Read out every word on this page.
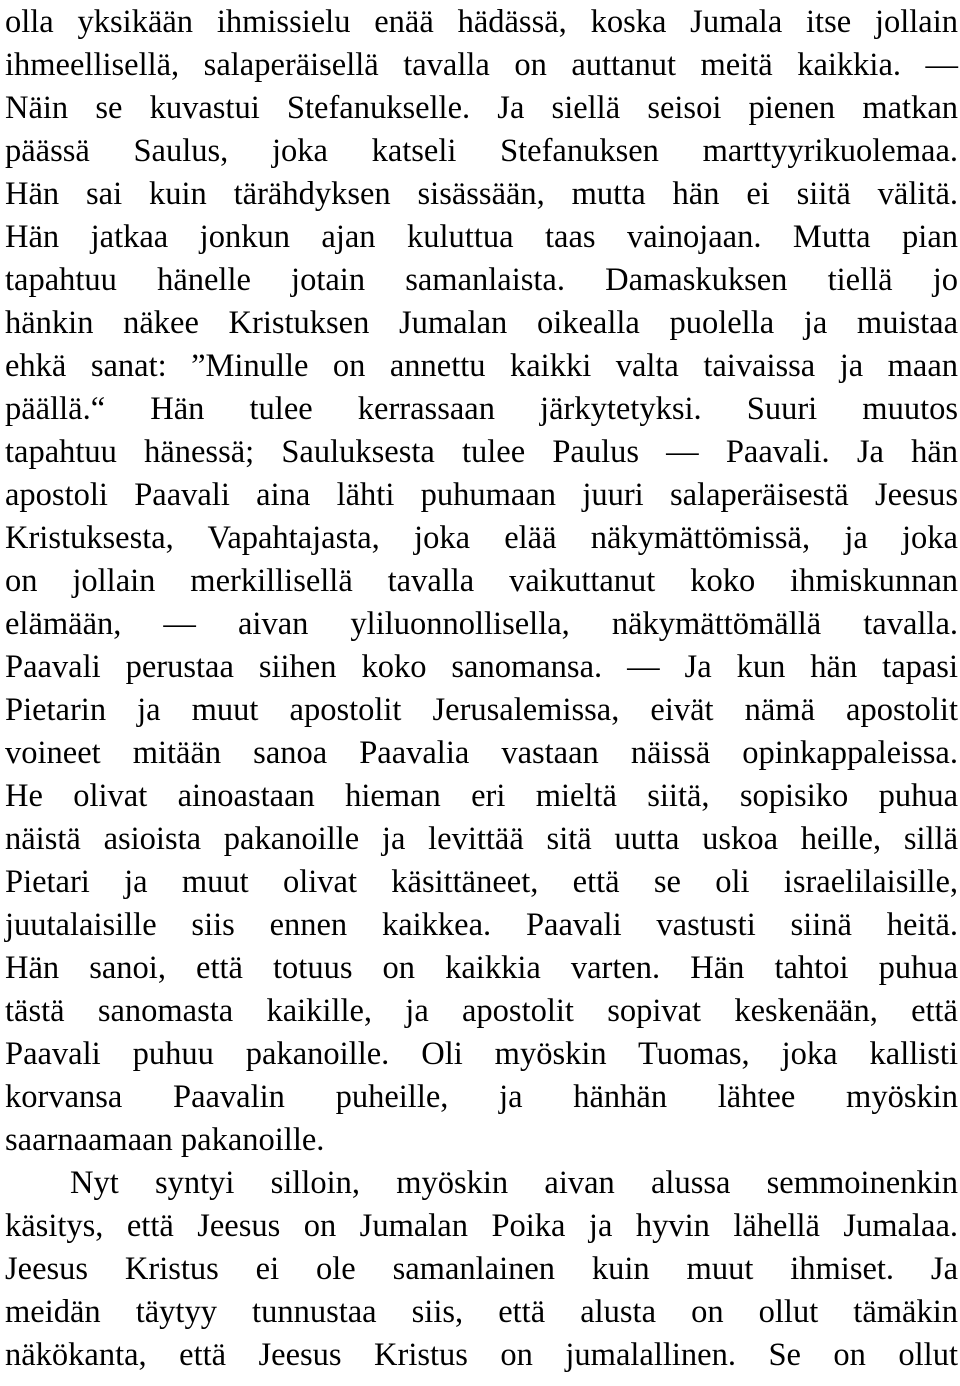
olla yksikään ihmissielu enää hädässä, koska Jumala itse jollain
ihmeellisellä, salaperäisellä tavalla on auttanut meitä kaikkia. —
Näin se kuvastui Stefanukselle. Ja siellä seisoi pienen matkan
päässä Saulus, joka katseli Stefanuksen marttyyrikuolemaa.
Hän sai kuin tärähdyksen sisässään, mutta hän ei siitä välitä.
Hän jatkaa jonkun ajan kuluttua taas vainojaan. Mutta pian
tapahtuu hänelle jotain samanlaista. Damaskuksen tiellä jo
hänkin näkee Kristuksen Jumalan oikealla puolella ja muistaa
ehkä sanat: ”Minulle on annettu kaikki valta taivaissa ja maan
päällä.“ Hän tulee kerrassaan järkytetyksi. Suuri muutos
tapahtuu hänessä; Sauluksesta tulee Paulus — Paavali. Ja hän
apostoli Paavali aina lähti puhumaan juuri salaperäisestä Jeesus
Kristuksesta, Vapahtajasta, joka elää näkymättömissä, ja joka
on jollain merkillisellä tavalla vaikuttanut koko ihmiskunnan
elämään, — aivan yliluonnollisella, näkymättömällä tavalla.
Paavali perustaa siihen koko sanomansa. — Ja kun hän tapasi
Pietarin ja muut apostolit Jerusalemissa, eivät nämä apostolit
voineet mitään sanoa Paavalia vastaan näissä opinkappaleissa.
He olivat ainoastaan hieman eri mieltä siitä, sopisiko puhua
näistä asioista pakanoille ja levittää sitä uutta uskoa heille, sillä
Pietari ja muut olivat käsittäneet, että se oli israelilaisille,
juutalaisille siis ennen kaikkea. Paavali vastusti siinä heitä.
Hän sanoi, että totuus on kaikkia varten. Hän tahtoi puhua
tästä sanomasta kaikille, ja apostolit sopivat keskenään, että
Paavali puhuu pakanoille. Oli myöskin Tuomas, joka kallisti
korvansa Paavalin puheille, ja hänhän lähtee myöskin
saarnaamaan pakanoille.
Nyt syntyi silloin, myöskin aivan alussa semmoinenkin
käsitys, että Jeesus on Jumalan Poika ja hyvin lähellä Jumalaa.
Jeesus Kristus ei ole samanlainen kuin muut ihmiset. Ja
meidän täytyy tunnustaa siis, että alusta on ollut tämäkin
näkökanta, että Jeesus Kristus on jumalallinen. Se on ollut
